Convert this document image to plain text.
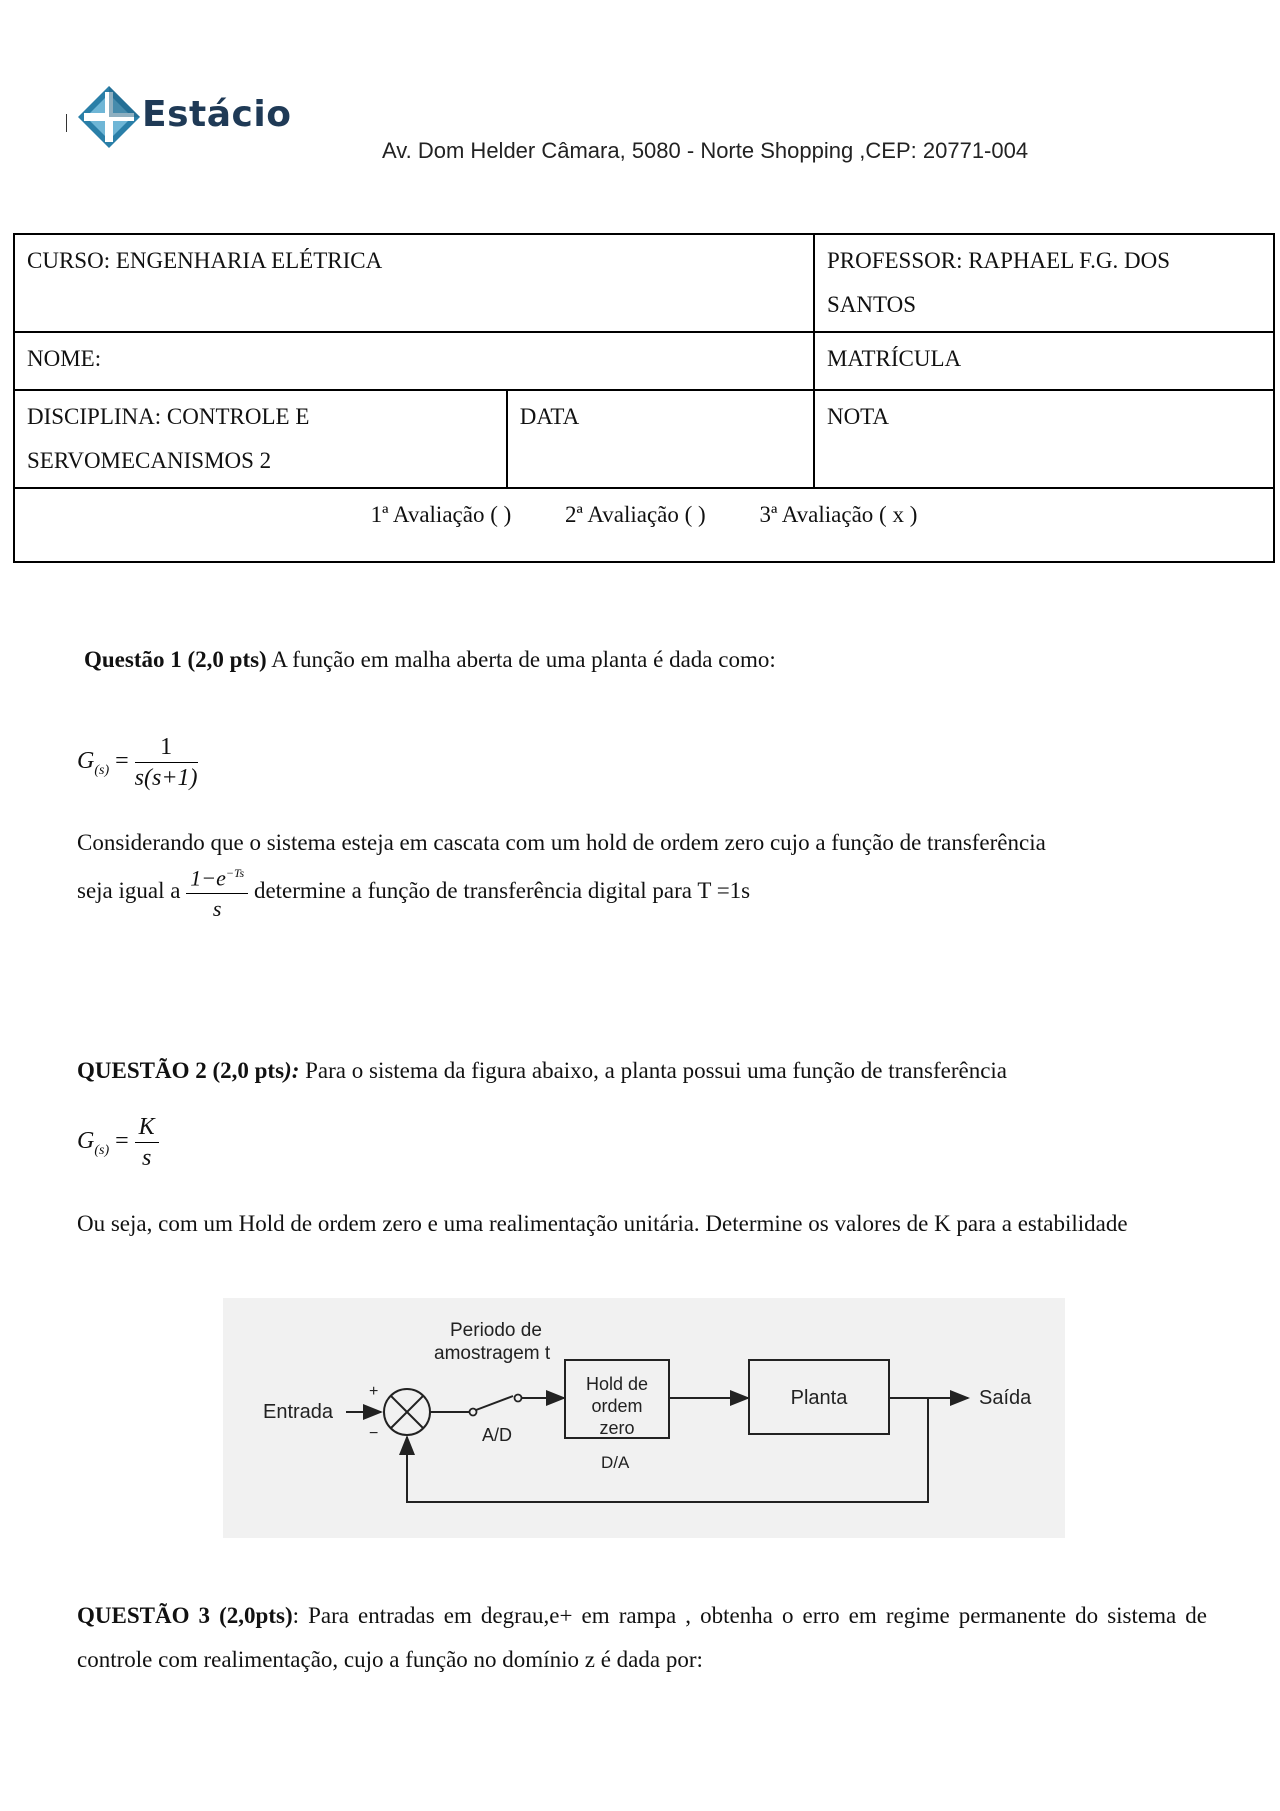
Estácio
Av. Dom Helder Câmara, 5080 - Norte Shopping ,CEP: 20771-004
CURSO: ENGENHARIA ELÉTRICA		PROFESSOR: RAPHAEL F.G. DOS SANTOS
NOME:		MATRÍCULA
DISCIPLINA: CONTROLE E SERVOMECANISMOS 2	DATA	NOTA
1ª Avaliação ( ) 2ª Avaliação ( ) 3ª Avaliação ( x )		
Questão 1 (2,0 pts) A função em malha aberta de uma planta é dada como:
$G_{(s)} = \frac{1}{s(s+1)}$
Considerando que o sistema esteja em cascata com um hold de ordem zero cujo a função de transferência
seja igual a $\frac{1-e^{-Ts}}{s}$ determine a função de transferência digital para T =1s
QUESTÃO 2 (2,0 pts): Para o sistema da figura abaixo, a planta possui uma função de transferência
$G_{(s)} = \frac{K}{s}$
Ou seja, com um Hold de ordem zero e uma realimentação unitária. Determine os valores de K para a estabilidade
Periodo de
amostragem t
Entrada
+
−	A/D
Hold de
ordem
zero
D/A
Planta	Saída
QUESTÃO 3 (2,0pts): Para entradas em degrau,e+ em rampa , obtenha o erro em regime permanente do sistema de controle com realimentação, cujo a função no domínio z é dada por:
